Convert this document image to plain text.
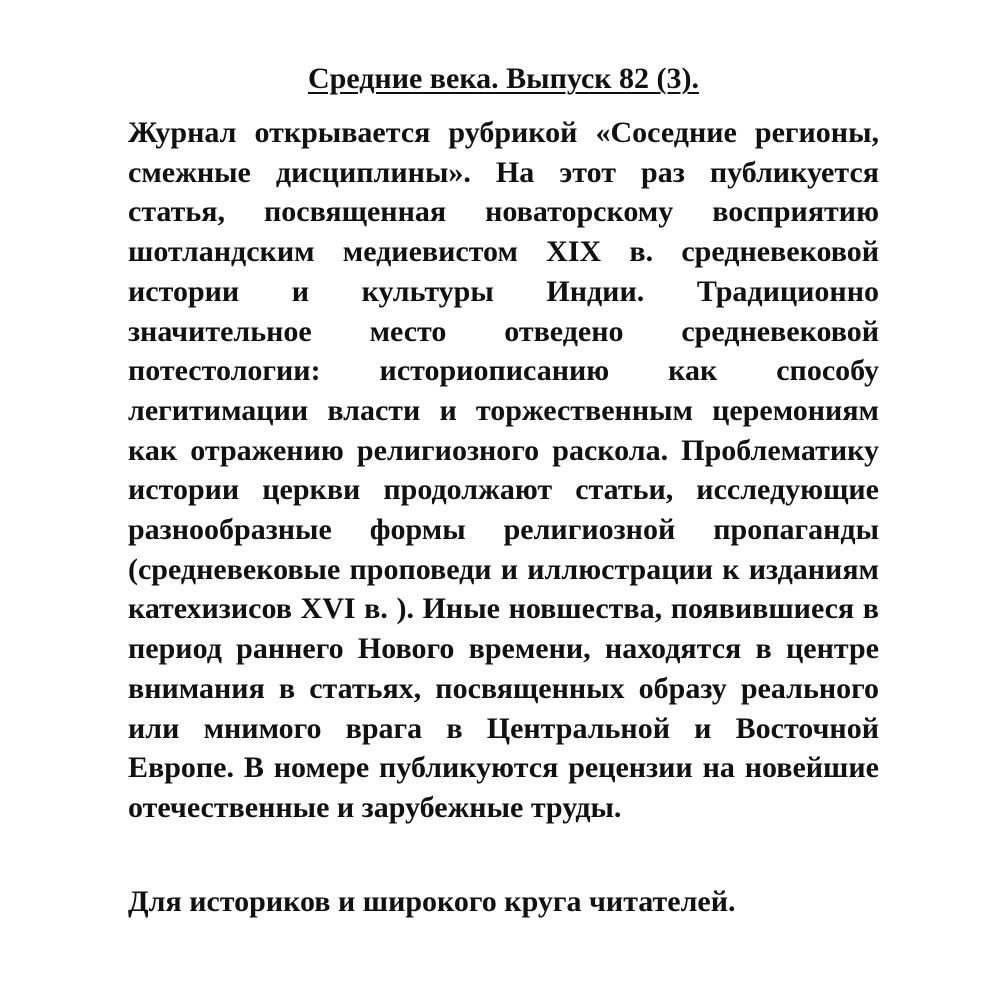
Средние века. Выпуск 82 (3).

Журнал открывается рубрикой «Соседние регионы, смежные дисциплины». На этот раз публикуется статья, посвященная новаторскому восприятию шотландским медиевистом XIX в. средневековой истории и культуры Индии. Традиционно значительное место отведено средневековой потестологии: историописанию как способу легитимации власти и торжественным церемониям как отражению религиозного раскола. Проблематику истории церкви продолжают статьи, исследующие разнообразные формы религиозной пропаганды (средневековые проповеди и иллюстрации к изданиям катехизисов XVI в. ). Иные новшества, появившиеся в период раннего Нового времени, находятся в центре внимания в статьях, посвященных образу реального или мнимого врага в Центральной и Восточной Европе. В номере публикуются рецензии на новейшие отечественные и зарубежные труды.

Для историков и широкого круга читателей.
